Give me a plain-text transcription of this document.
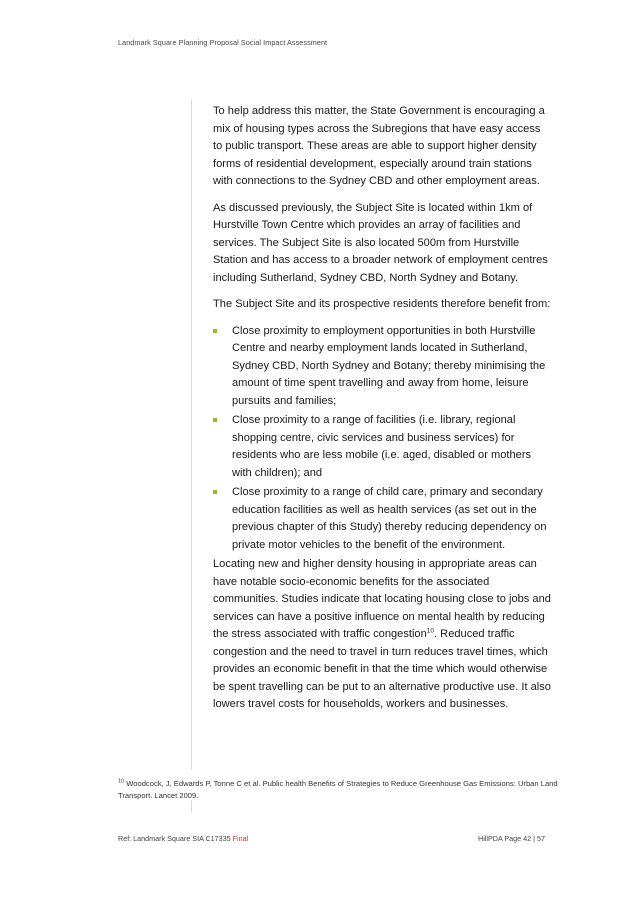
Landmark Square Planning Proposal Social Impact Assessment

To help address this matter, the State Government is encouraging a mix of housing types across the Subregions that have easy access to public transport. These areas are able to support higher density forms of residential development, especially around train stations with connections to the Sydney CBD and other employment areas.

As discussed previously, the Subject Site is located within 1km of Hurstville Town Centre which provides an array of facilities and services. The Subject Site is also located 500m from Hurstville Station and has access to a broader network of employment centres including Sutherland, Sydney CBD, North Sydney and Botany.

The Subject Site and its prospective residents therefore benefit from:

Close proximity to employment opportunities in both Hurstville Centre and nearby employment lands located in Sutherland, Sydney CBD, North Sydney and Botany; thereby minimising the amount of time spent travelling and away from home, leisure pursuits and families;
Close proximity to a range of facilities (i.e. library, regional shopping centre, civic services and business services) for residents who are less mobile (i.e. aged, disabled or mothers with children); and
Close proximity to a range of child care, primary and secondary education facilities as well as health services (as set out in the previous chapter of this Study) thereby reducing dependency on private motor vehicles to the benefit of the environment.

Locating new and higher density housing in appropriate areas can have notable socio-economic benefits for the associated communities. Studies indicate that locating housing close to jobs and services can have a positive influence on mental health by reducing the stress associated with traffic congestion$^{10}$. Reduced traffic congestion and the need to travel in turn reduces travel times, which provides an economic benefit in that the time which would otherwise be spent travelling can be put to an alternative productive use. It also lowers travel costs for households, workers and businesses.

$^{10}$ Woodcock, J, Edwards P, Tonne C et al. Public health Benefits of Strategies to Reduce Greenhouse Gas Emissions: Urban Land Transport. Lancet 2009.
Ref: Landmark Square SIA C17335 Final	HillPDA Page 42 | 57
